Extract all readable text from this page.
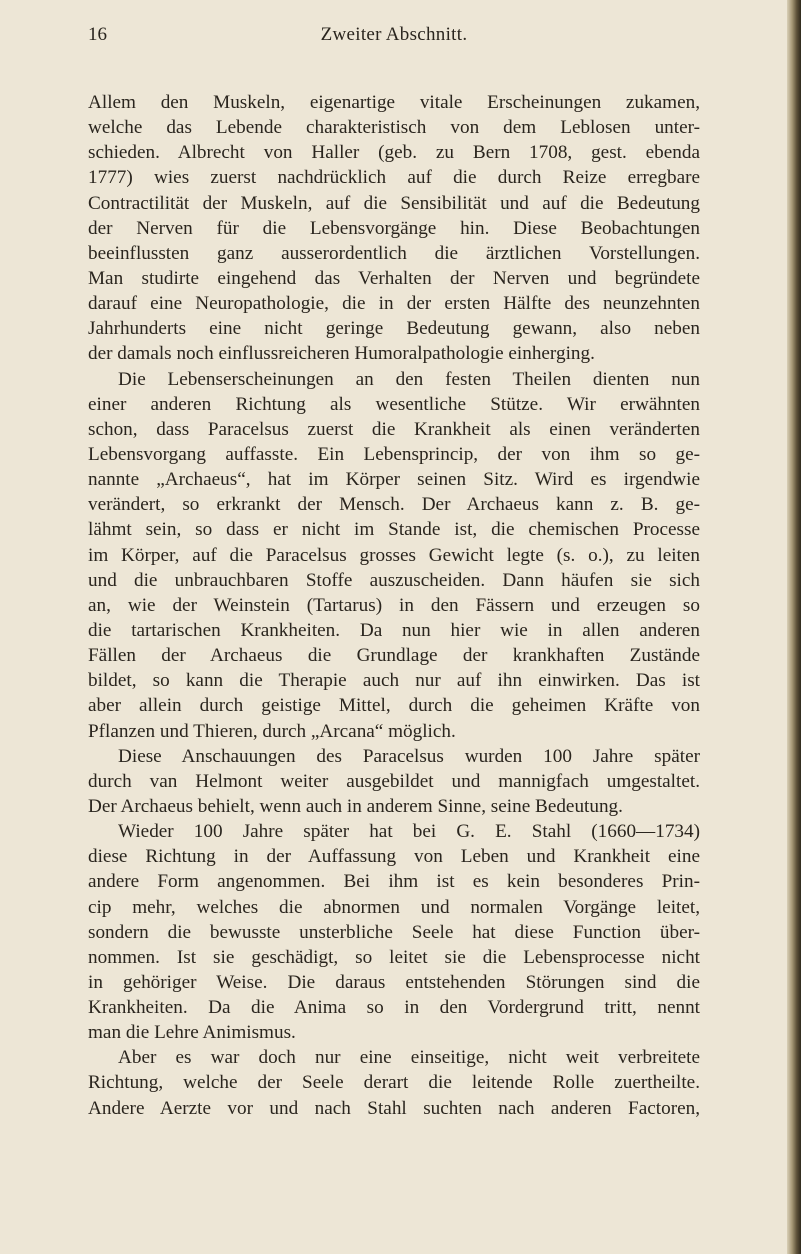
16	Zweiter Abschnitt.
Allem den Muskeln, eigenartige vitale Erscheinungen zukamen,
welche das Lebende charakteristisch von dem Leblosen unter-
schieden. Albrecht von Haller (geb. zu Bern 1708, gest. ebenda
1777) wies zuerst nachdrücklich auf die durch Reize erregbare
Contractilität der Muskeln, auf die Sensibilität und auf die Bedeutung
der Nerven für die Lebensvorgänge hin. Diese Beobachtungen
beeinflussten ganz ausserordentlich die ärztlichen Vorstellungen.
Man studirte eingehend das Verhalten der Nerven und begründete
darauf eine Neuropathologie, die in der ersten Hälfte des neunzehnten
Jahrhunderts eine nicht geringe Bedeutung gewann, also neben
der damals noch einflussreicheren Humoralpathologie einherging.
Die Lebenserscheinungen an den festen Theilen dienten nun
einer anderen Richtung als wesentliche Stütze. Wir erwähnten
schon, dass Paracelsus zuerst die Krankheit als einen veränderten
Lebensvorgang auffasste. Ein Lebensprincip, der von ihm so ge-
nannte „Archaeus“, hat im Körper seinen Sitz. Wird es irgendwie
verändert, so erkrankt der Mensch. Der Archaeus kann z. B. ge-
lähmt sein, so dass er nicht im Stande ist, die chemischen Processe
im Körper, auf die Paracelsus grosses Gewicht legte (s. o.), zu leiten
und die unbrauchbaren Stoffe auszuscheiden. Dann häufen sie sich
an, wie der Weinstein (Tartarus) in den Fässern und erzeugen so
die tartarischen Krankheiten. Da nun hier wie in allen anderen
Fällen der Archaeus die Grundlage der krankhaften Zustände
bildet, so kann die Therapie auch nur auf ihn einwirken. Das ist
aber allein durch geistige Mittel, durch die geheimen Kräfte von
Pflanzen und Thieren, durch „Arcana“ möglich.
Diese Anschauungen des Paracelsus wurden 100 Jahre später
durch van Helmont weiter ausgebildet und mannigfach umgestaltet.
Der Archaeus behielt, wenn auch in anderem Sinne, seine Bedeutung.
Wieder 100 Jahre später hat bei G. E. Stahl (1660—1734)
diese Richtung in der Auffassung von Leben und Krankheit eine
andere Form angenommen. Bei ihm ist es kein besonderes Prin-
cip mehr, welches die abnormen und normalen Vorgänge leitet,
sondern die bewusste unsterbliche Seele hat diese Function über-
nommen. Ist sie geschädigt, so leitet sie die Lebensprocesse nicht
in gehöriger Weise. Die daraus entstehenden Störungen sind die
Krankheiten. Da die Anima so in den Vordergrund tritt, nennt
man die Lehre Animismus.
Aber es war doch nur eine einseitige, nicht weit verbreitete
Richtung, welche der Seele derart die leitende Rolle zuertheilte.
Andere Aerzte vor und nach Stahl suchten nach anderen Factoren,
